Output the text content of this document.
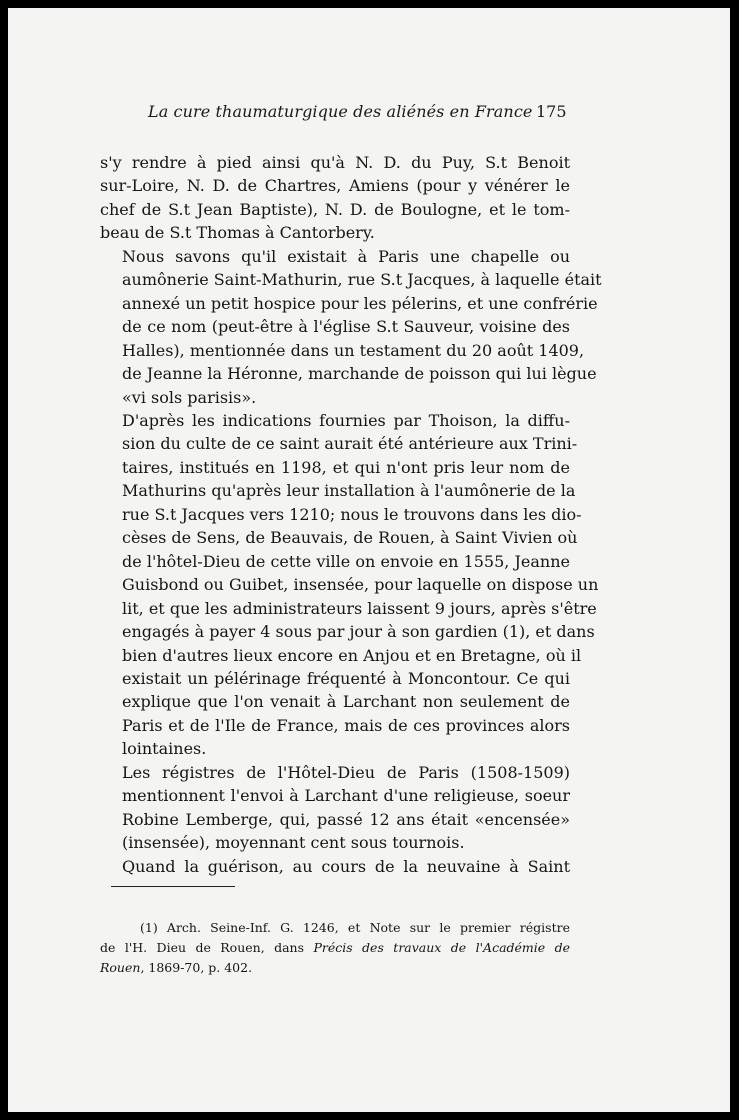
La cure thaumaturgique des aliénés en France 175

s'y rendre à pied ainsi qu'à N. D. du Puy, S.t Benoit
sur-Loire, N. D. de Chartres, Amiens (pour y vénérer le
chef de S.t Jean Baptiste), N. D. de Boulogne, et le tom-
beau de S.t Thomas à Cantorbery.

Nous savons qu'il existait à Paris une chapelle ou
aumônerie Saint-Mathurin, rue S.t Jacques, à laquelle était
annexé un petit hospice pour les pélerins, et une confrérie
de ce nom (peut-être à l'église S.t Sauveur, voisine des
Halles), mentionnée dans un testament du 20 août 1409,
de Jeanne la Héronne, marchande de poisson qui lui lègue
«vi sols parisis».

D'après les indications fournies par Thoison, la diffu-
sion du culte de ce saint aurait été antérieure aux Trini-
taires, institués en 1198, et qui n'ont pris leur nom de
Mathurins qu'après leur installation à l'aumônerie de la
rue S.t Jacques vers 1210; nous le trouvons dans les dio-
cèses de Sens, de Beauvais, de Rouen, à Saint Vivien où
de l'hôtel-Dieu de cette ville on envoie en 1555, Jeanne
Guisbond ou Guibet, insensée, pour laquelle on dispose un
lit, et que les administrateurs laissent 9 jours, après s'être
engagés à payer 4 sous par jour à son gardien (1), et dans
bien d'autres lieux encore en Anjou et en Bretagne, où il
existait un pélérinage fréquenté à Moncontour. Ce qui
explique que l'on venait à Larchant non seulement de
Paris et de l'Ile de France, mais de ces provinces alors
lointaines.

Les régistres de l'Hôtel-Dieu de Paris (1508-1509)
mentionnent l'envoi à Larchant d'une religieuse, soeur
Robine Lemberge, qui, passé 12 ans était «encensée»
(insensée), moyennant cent sous tournois.

Quand la guérison, au cours de la neuvaine à Saint

(1) Arch. Seine-Inf. G. 1246, et Note sur le premier régistre
de l'H. Dieu de Rouen, dans Précis des travaux de l'Académie de
Rouen, 1869-70, p. 402.
